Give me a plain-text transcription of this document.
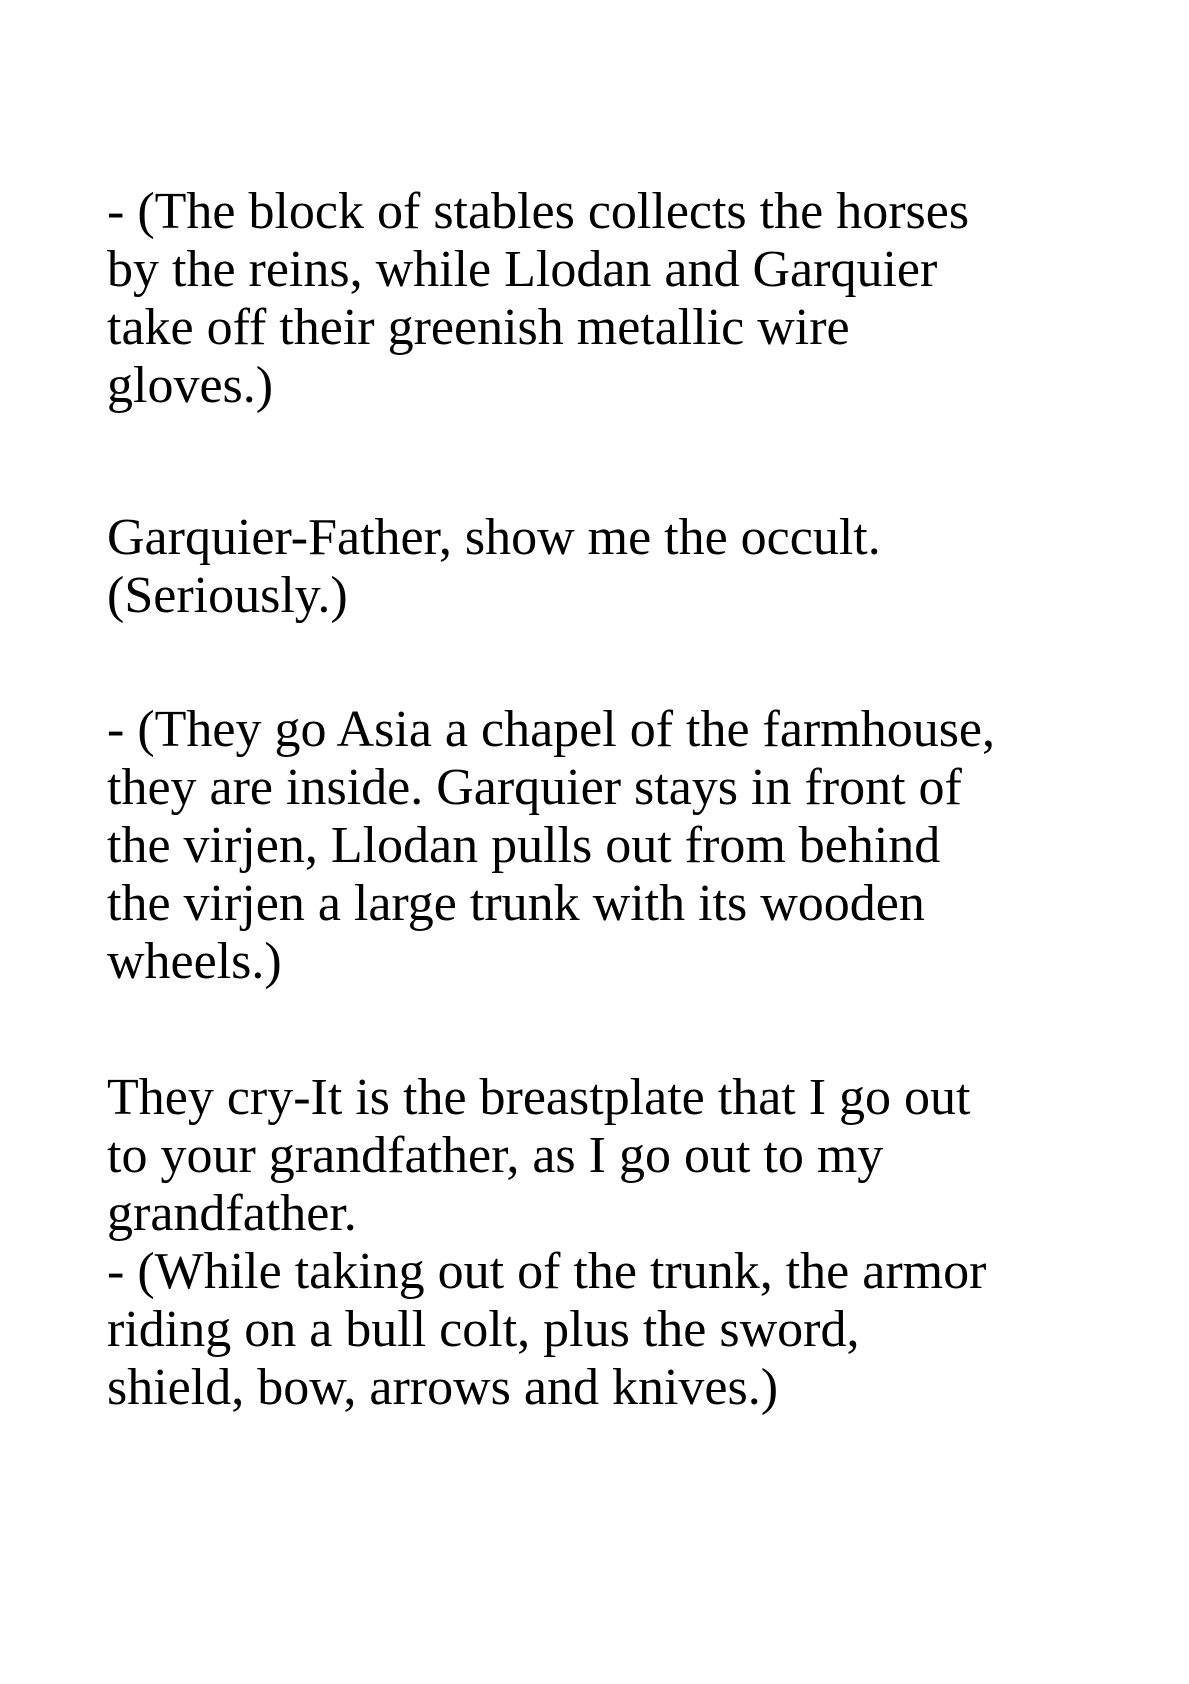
- (The block of stables collects the horses
by the reins, while Llodan and Garquier
take off their greenish metallic wire
gloves.)

Garquier-Father, show me the occult.
(Seriously.)

- (They go Asia a chapel of the farmhouse,
they are inside. Garquier stays in front of
the virjen, Llodan pulls out from behind
the virjen a large trunk with its wooden
wheels.)

They cry-It is the breastplate that I go out
to your grandfather, as I go out to my
grandfather.

- (While taking out of the trunk, the armor
riding on a bull colt, plus the sword,
shield, bow, arrows and knives.)
